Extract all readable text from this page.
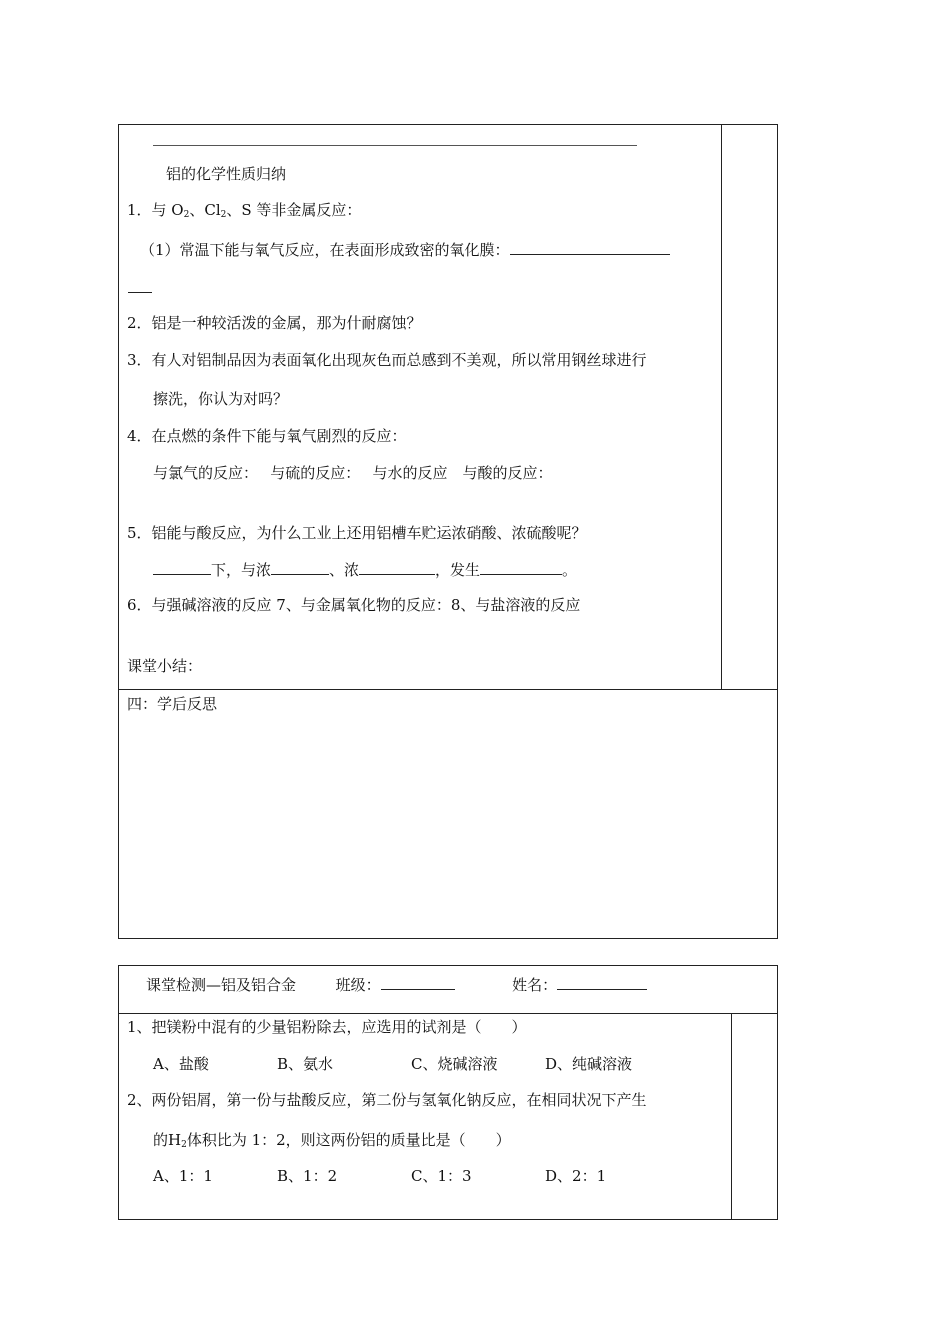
铝的化学性质归纳
1．与 $O_2$、$Cl_2$、S 等非金属反应：
（1）常温下能与氧气反应，在表面形成致密的氧化膜：
2．铝是一种较活泼的金属，那为什耐腐蚀？
3．有人对铝制品因为表面氧化出现灰色而总感到不美观，所以常用钢丝球进行
擦洗，你认为对吗？
4．在点燃的条件下能与氧气剧烈的反应：
与氯气的反应：　 与硫的反应：　 与水的反应　与酸的反应：
5．铝能与酸反应，为什么工业上还用铝槽车贮运浓硝酸、浓硫酸呢？
下，与浓	、浓	，发生	。
6．与强碱溶液的反应 7、与金属氧化物的反应：8、与盐溶液的反应
课堂小结：
四：学后反思
课堂检测—铝及铝合金	班级：	姓名：
1、把镁粉中混有的少量铝粉除去，应选用的试剂是（　　）
A、盐酸	B、氨水	C、烧碱溶液	D、纯碱溶液
2、两份铝屑，第一份与盐酸反应，第二份与氢氧化钠反应，在相同状况下产生
的$H_2$体积比为 1：2，则这两份铝的质量比是（　　）
A、1：1	B、1：2	C、1：3	D、2：1
